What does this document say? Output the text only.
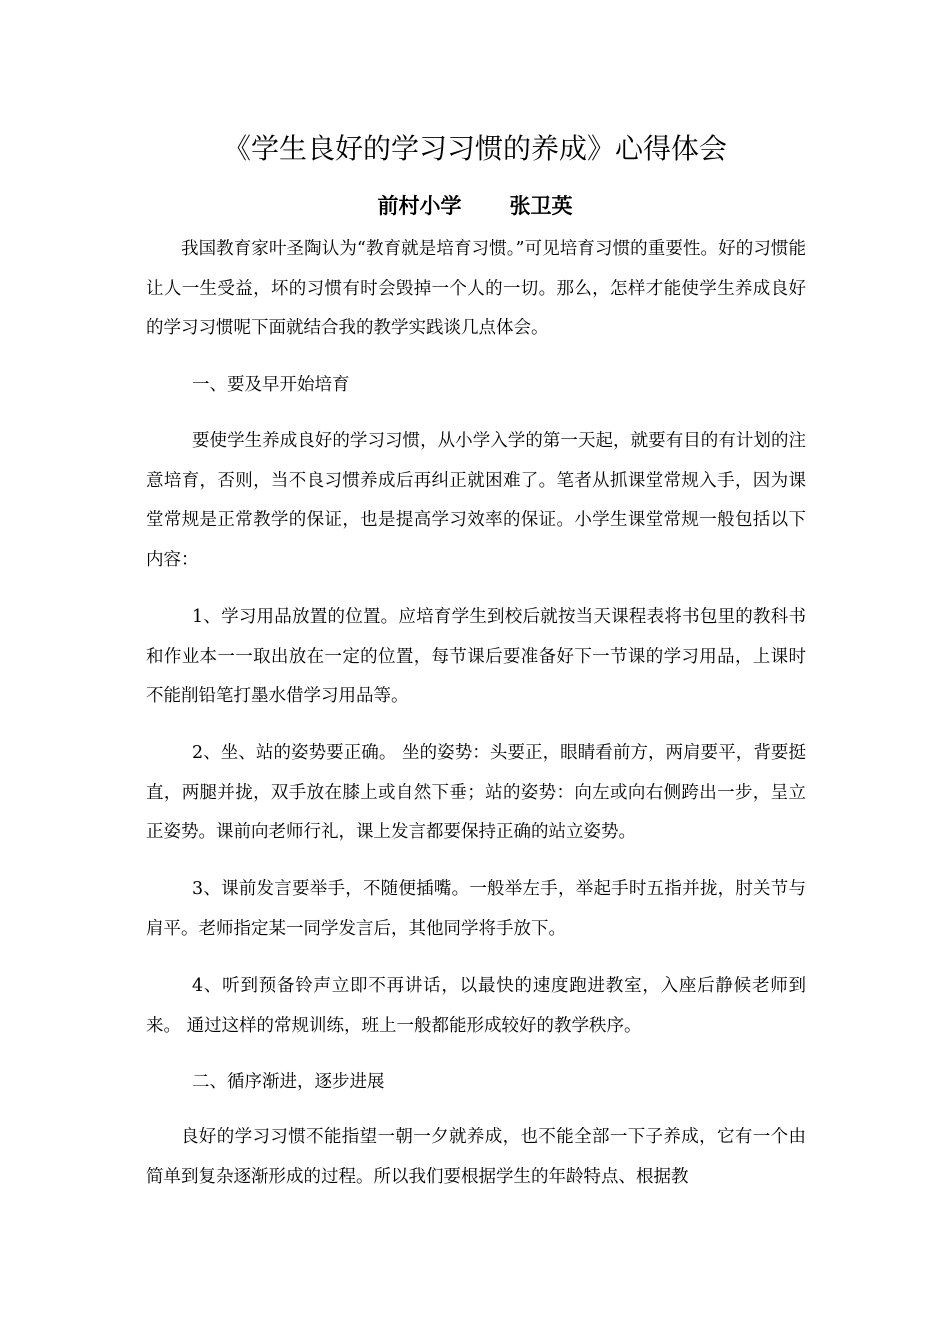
《学生良好的学习习惯的养成》心得体会
前村小学 张卫英

我国教育家叶圣陶认为“教育就是培育习惯。”可见培育习惯的重要性。好的习惯能让人一生受益，坏的习惯有时会毁掉一个人的一切。那么，怎样才能使学生养成良好的学习习惯呢下面就结合我的教学实践谈几点体会。

一、要及早开始培育

要使学生养成良好的学习习惯，从小学入学的第一天起，就要有目的有计划的注意培育，否则，当不良习惯养成后再纠正就困难了。笔者从抓课堂常规入手，因为课堂常规是正常教学的保证，也是提高学习效率的保证。小学生课堂常规一般包括以下内容：

1、学习用品放置的位置。应培育学生到校后就按当天课程表将书包里的教科书和作业本一一取出放在一定的位置，每节课后要准备好下一节课的学习用品，上课时不能削铅笔打墨水借学习用品等。

2、坐、站的姿势要正确。 坐的姿势：头要正，眼睛看前方，两肩要平，背要挺直，两腿并拢，双手放在膝上或自然下垂；站的姿势：向左或向右侧跨出一步，呈立正姿势。课前向老师行礼，课上发言都要保持正确的站立姿势。

3、课前发言要举手，不随便插嘴。一般举左手，举起手时五指并拢，肘关节与肩平。老师指定某一同学发言后，其他同学将手放下。

4、听到预备铃声立即不再讲话，以最快的速度跑进教室，入座后静候老师到来。 通过这样的常规训练，班上一般都能形成较好的教学秩序。

二、循序渐进，逐步进展

良好的学习习惯不能指望一朝一夕就养成，也不能全部一下子养成，它有一个由简单到复杂逐渐形成的过程。所以我们要根据学生的年龄特点、根据教
